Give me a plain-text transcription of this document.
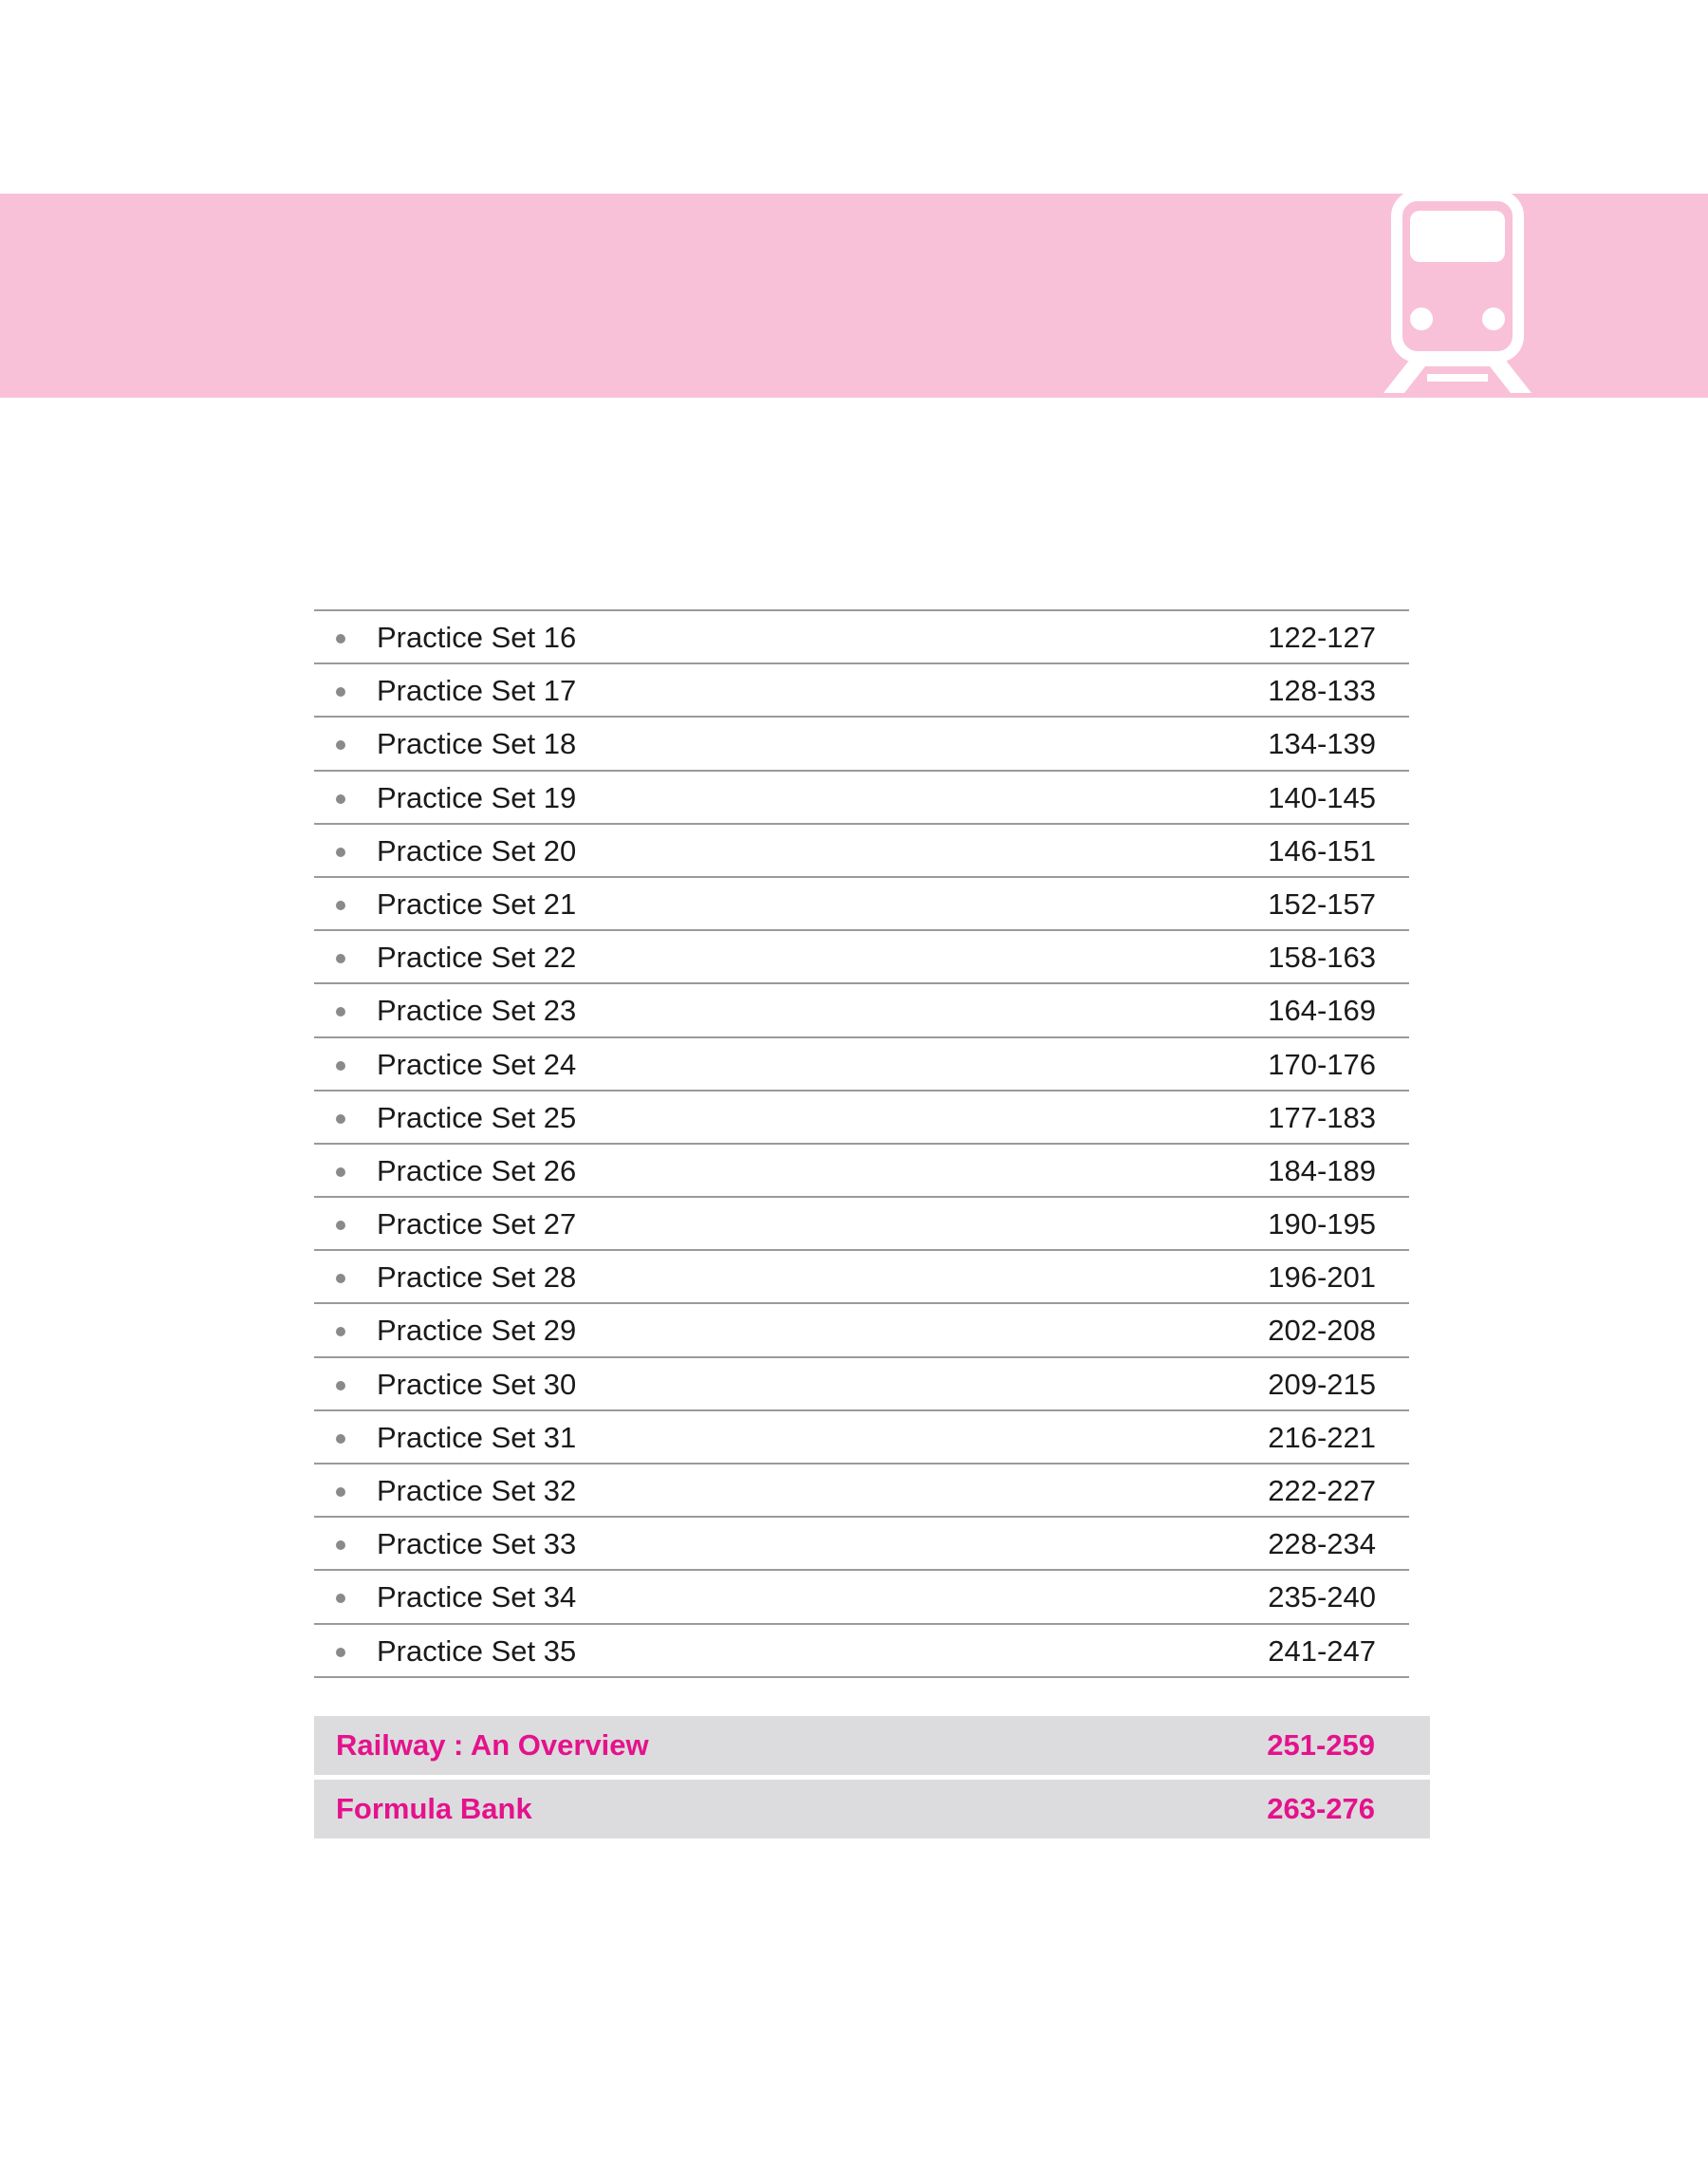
Practice Set 16	122-127
Practice Set 17	128-133
Practice Set 18	134-139
Practice Set 19	140-145
Practice Set 20	146-151
Practice Set 21	152-157
Practice Set 22	158-163
Practice Set 23	164-169
Practice Set 24	170-176
Practice Set 25	177-183
Practice Set 26	184-189
Practice Set 27	190-195
Practice Set 28	196-201
Practice Set 29	202-208
Practice Set 30	209-215
Practice Set 31	216-221
Practice Set 32	222-227
Practice Set 33	228-234
Practice Set 34	235-240
Practice Set 35	241-247
Railway : An Overview	251-259
Formula Bank	263-276
